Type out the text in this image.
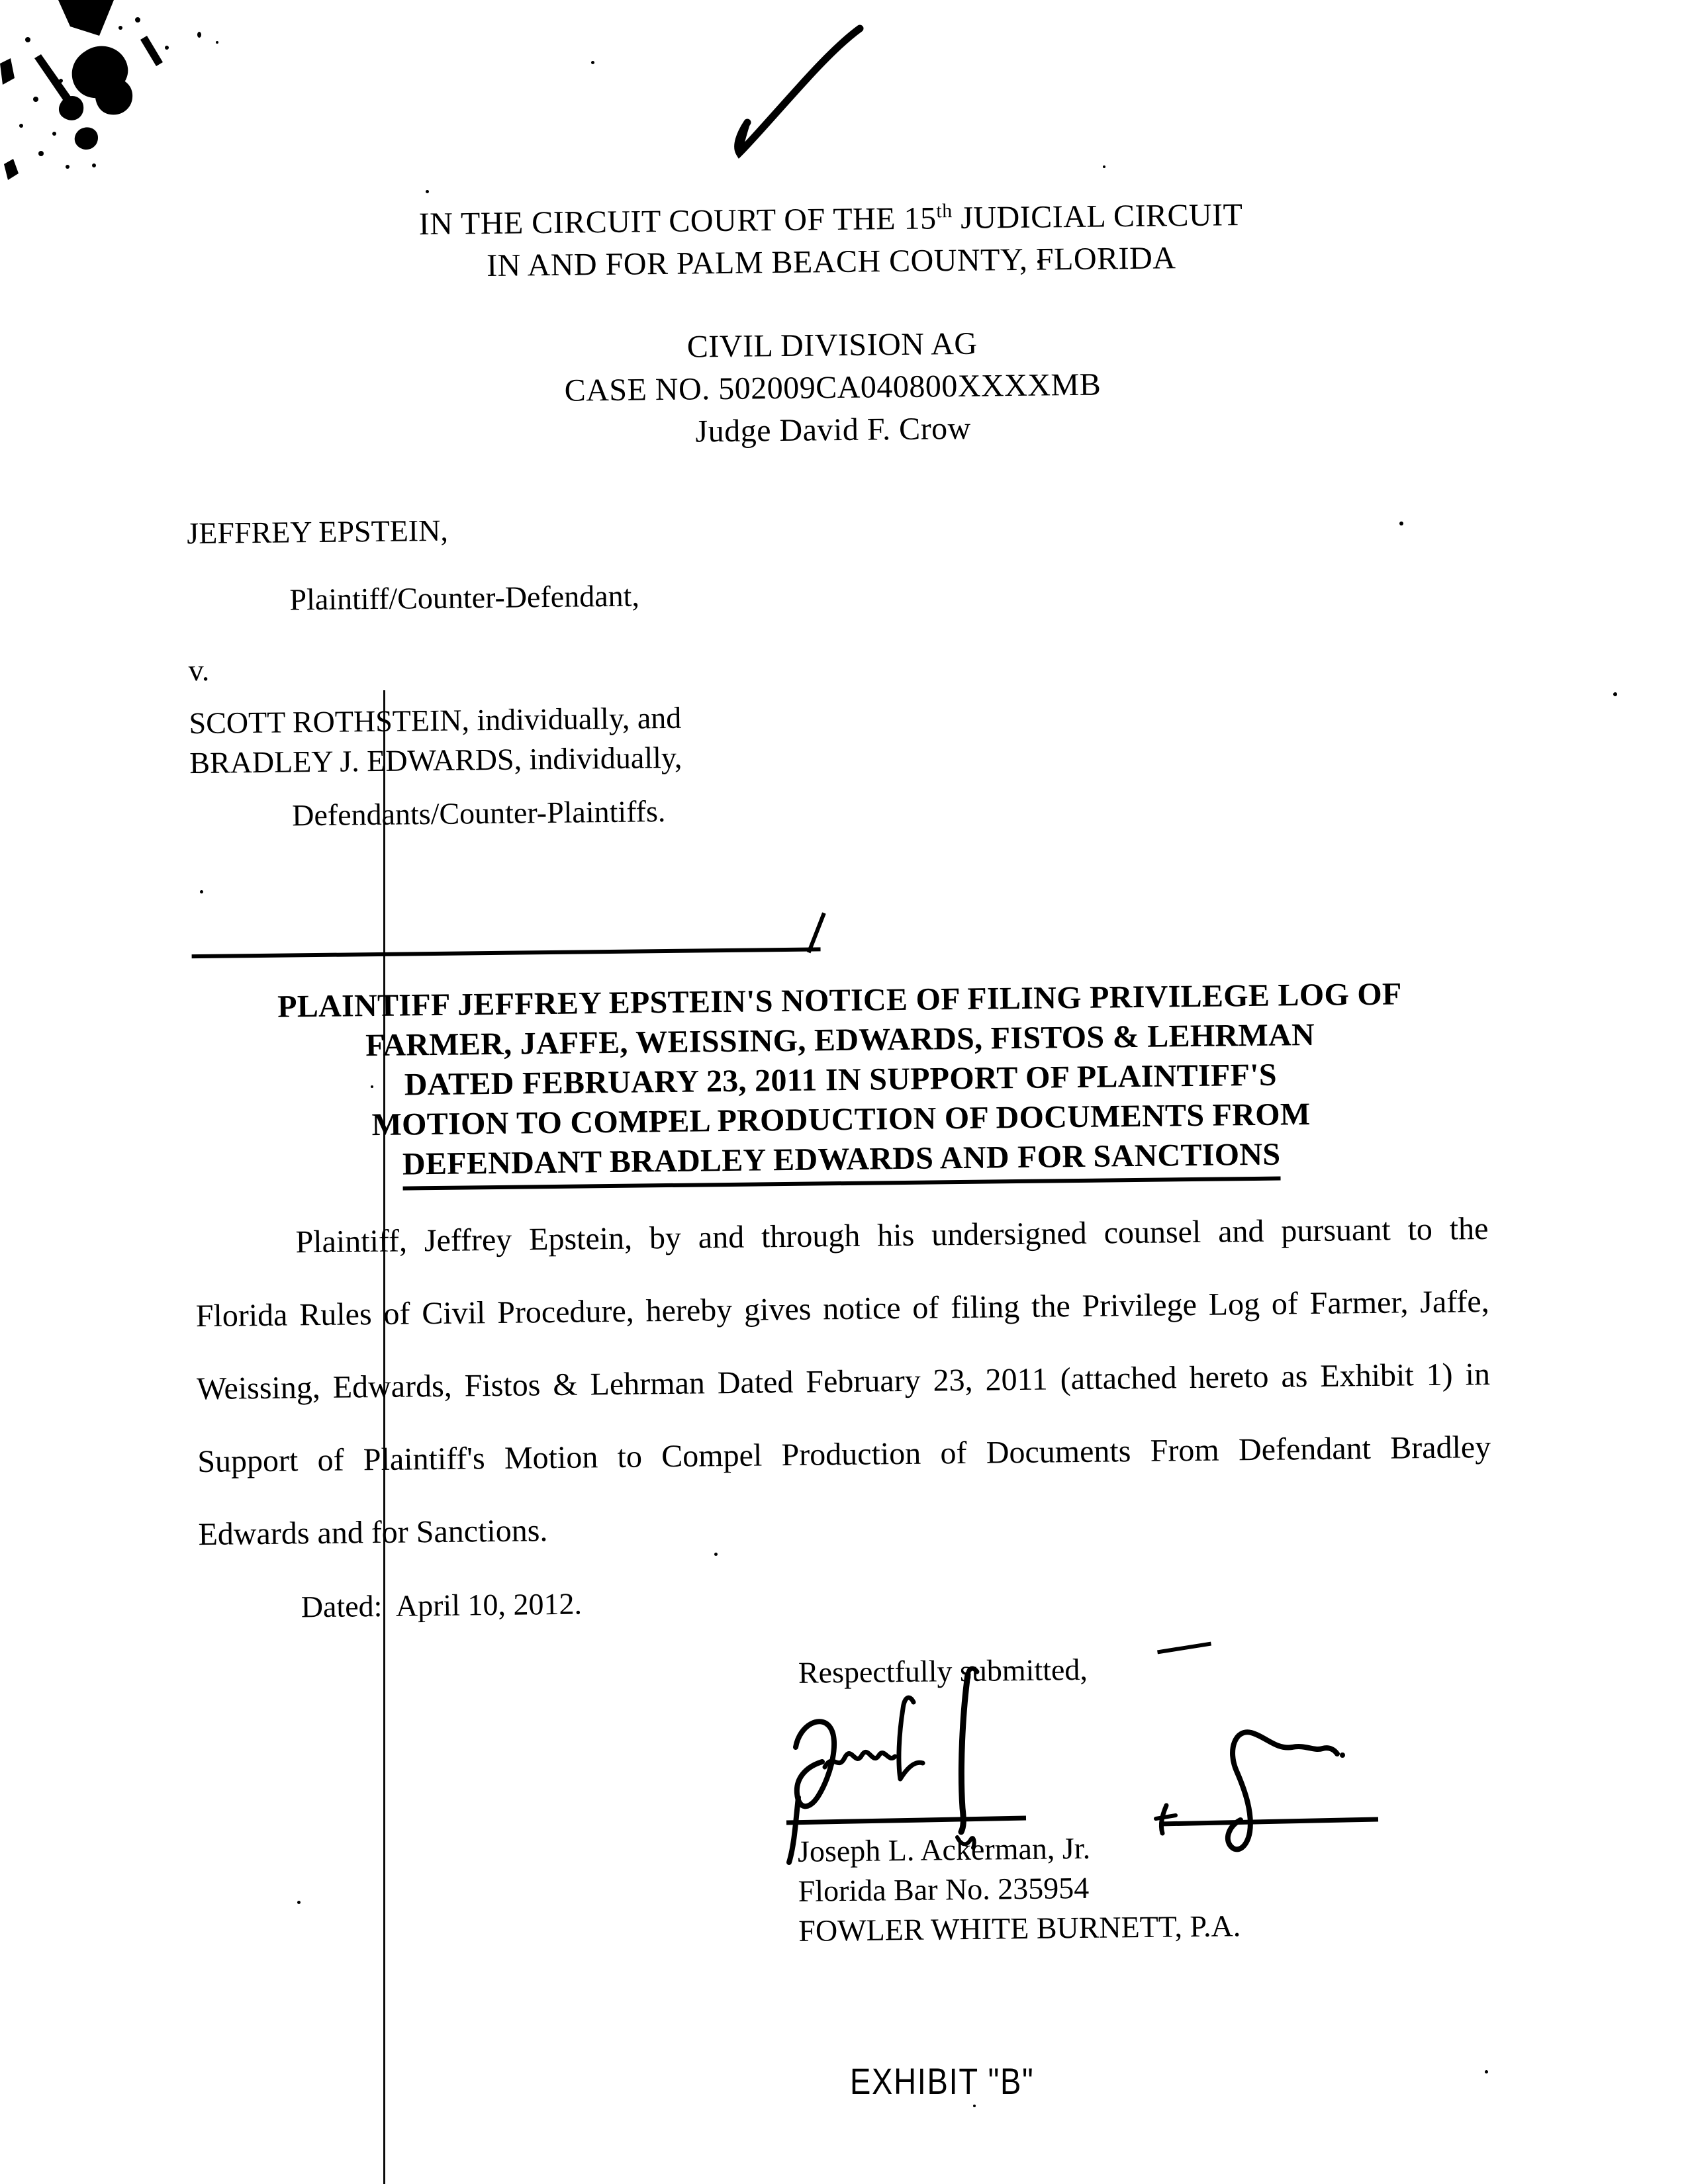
IN THE CIRCUIT COURT OF THE 15th JUDICIAL CIRCUIT
IN AND FOR PALM BEACH COUNTY, FLORIDA
CIVIL DIVISION AG
CASE NO. 502009CA040800XXXXMB
Judge David F. Crow
JEFFREY EPSTEIN,
Plaintiff/Counter-Defendant,
v.
SCOTT ROTHSTEIN, individually, and
BRADLEY J. EDWARDS, individually,
Defendants/Counter-Plaintiffs.
PLAINTIFF JEFFREY EPSTEIN'S NOTICE OF FILING PRIVILEGE LOG OF
FARMER, JAFFE, WEISSING, EDWARDS, FISTOS & LEHRMAN
DATED FEBRUARY 23, 2011 IN SUPPORT OF PLAINTIFF'S
MOTION TO COMPEL PRODUCTION OF DOCUMENTS FROM
DEFENDANT BRADLEY EDWARDS AND FOR SANCTIONS
Plaintiff, Jeffrey Epstein, by and through his undersigned counsel and pursuant to the
Florida Rules of Civil Procedure, hereby gives notice of filing the Privilege Log of Farmer, Jaffe,
Weissing, Edwards, Fistos & Lehrman Dated February 23, 2011 (attached hereto as Exhibit 1) in
Support of Plaintiff's Motion to Compel Production of Documents From Defendant Bradley
Edwards and for Sanctions.
Dated:  April 10, 2012.
Respectfully submitted,
Joseph L. Ackerman, Jr.
Florida Bar No. 235954
FOWLER WHITE BURNETT, P.A.
EXHIBIT "B"
